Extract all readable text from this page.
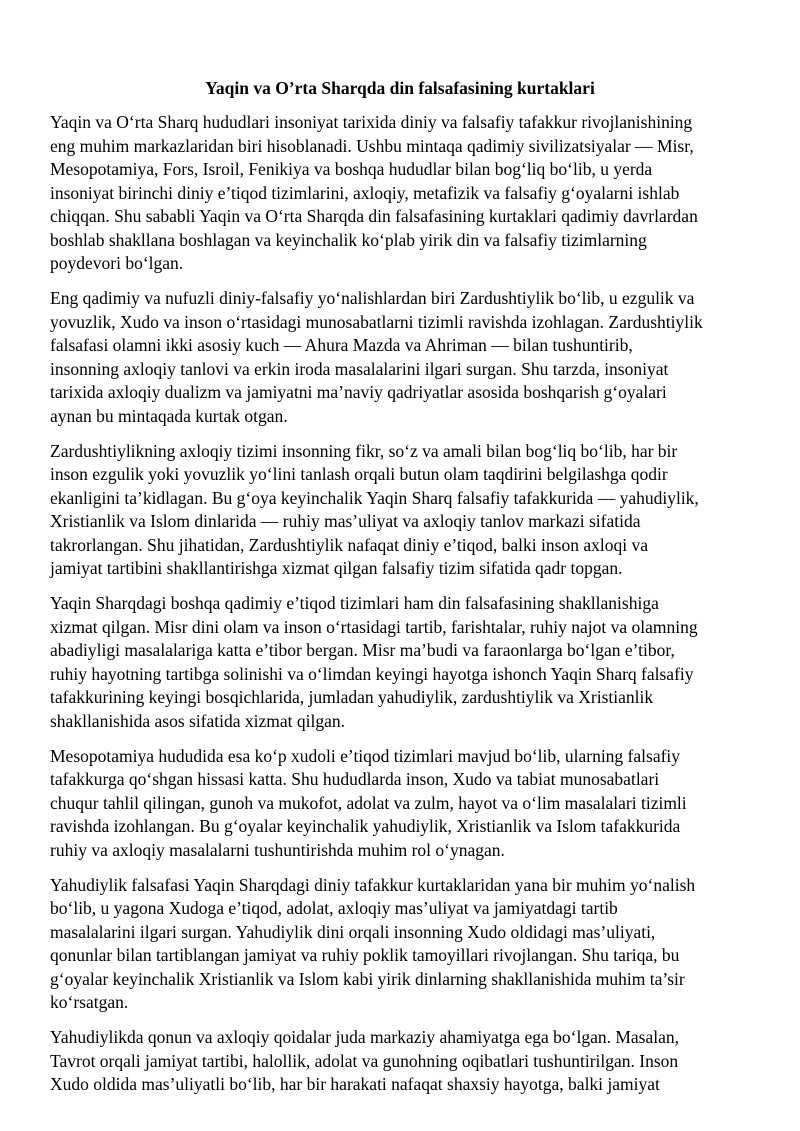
Yaqin va O’rta Sharqda din falsafasining kurtaklari

Yaqin va O‘rta Sharq hududlari insoniyat tarixida diniy va falsafiy tafakkur rivojlanishining
eng muhim markazlaridan biri hisoblanadi. Ushbu mintaqa qadimiy sivilizatsiyalar — Misr,
Mesopotamiya, Fors, Isroil, Fenikiya va boshqa hududlar bilan bog‘liq bo‘lib, u yerda
insoniyat birinchi diniy e’tiqod tizimlarini, axloqiy, metafizik va falsafiy g‘oyalarni ishlab
chiqqan. Shu sababli Yaqin va O‘rta Sharqda din falsafasining kurtaklari qadimiy davrlardan
boshlab shakllana boshlagan va keyinchalik ko‘plab yirik din va falsafiy tizimlarning
poydevori bo‘lgan.

Eng qadimiy va nufuzli diniy-falsafiy yo‘nalishlardan biri Zardushtiylik bo‘lib, u ezgulik va
yovuzlik, Xudo va inson o‘rtasidagi munosabatlarni tizimli ravishda izohlagan. Zardushtiylik
falsafasi olamni ikki asosiy kuch — Ahura Mazda va Ahriman — bilan tushuntirib,
insonning axloqiy tanlovi va erkin iroda masalalarini ilgari surgan. Shu tarzda, insoniyat
tarixida axloqiy dualizm va jamiyatni ma’naviy qadriyatlar asosida boshqarish g‘oyalari
aynan bu mintaqada kurtak otgan.

Zardushtiylikning axloqiy tizimi insonning fikr, so‘z va amali bilan bog‘liq bo‘lib, har bir
inson ezgulik yoki yovuzlik yo‘lini tanlash orqali butun olam taqdirini belgilashga qodir
ekanligini ta’kidlagan. Bu g‘oya keyinchalik Yaqin Sharq falsafiy tafakkurida — yahudiylik,
Xristianlik va Islom dinlarida — ruhiy mas’uliyat va axloqiy tanlov markazi sifatida
takrorlangan. Shu jihatidan, Zardushtiylik nafaqat diniy e’tiqod, balki inson axloqi va
jamiyat tartibini shakllantirishga xizmat qilgan falsafiy tizim sifatida qadr topgan.

Yaqin Sharqdagi boshqa qadimiy e’tiqod tizimlari ham din falsafasining shakllanishiga
xizmat qilgan. Misr dini olam va inson o‘rtasidagi tartib, farishtalar, ruhiy najot va olamning
abadiyligi masalalariga katta e’tibor bergan. Misr ma’budi va faraonlarga bo‘lgan e’tibor,
ruhiy hayotning tartibga solinishi va o‘limdan keyingi hayotga ishonch Yaqin Sharq falsafiy
tafakkurining keyingi bosqichlarida, jumladan yahudiylik, zardushtiylik va Xristianlik
shakllanishida asos sifatida xizmat qilgan.

Mesopotamiya hududida esa ko‘p xudoli e’tiqod tizimlari mavjud bo‘lib, ularning falsafiy
tafakkurga qo‘shgan hissasi katta. Shu hududlarda inson, Xudo va tabiat munosabatlari
chuqur tahlil qilingan, gunoh va mukofot, adolat va zulm, hayot va o‘lim masalalari tizimli
ravishda izohlangan. Bu g‘oyalar keyinchalik yahudiylik, Xristianlik va Islom tafakkurida
ruhiy va axloqiy masalalarni tushuntirishda muhim rol o‘ynagan.

Yahudiylik falsafasi Yaqin Sharqdagi diniy tafakkur kurtaklaridan yana bir muhim yo‘nalish
bo‘lib, u yagona Xudoga e’tiqod, adolat, axloqiy mas’uliyat va jamiyatdagi tartib
masalalarini ilgari surgan. Yahudiylik dini orqali insonning Xudo oldidagi mas’uliyati,
qonunlar bilan tartiblangan jamiyat va ruhiy poklik tamoyillari rivojlangan. Shu tariqa, bu
g‘oyalar keyinchalik Xristianlik va Islom kabi yirik dinlarning shakllanishida muhim ta’sir
ko‘rsatgan.

Yahudiylikda qonun va axloqiy qoidalar juda markaziy ahamiyatga ega bo‘lgan. Masalan,
Tavrot orqali jamiyat tartibi, halollik, adolat va gunohning oqibatlari tushuntirilgan. Inson
Xudo oldida mas’uliyatli bo‘lib, har bir harakati nafaqat shaxsiy hayotga, balki jamiyat
